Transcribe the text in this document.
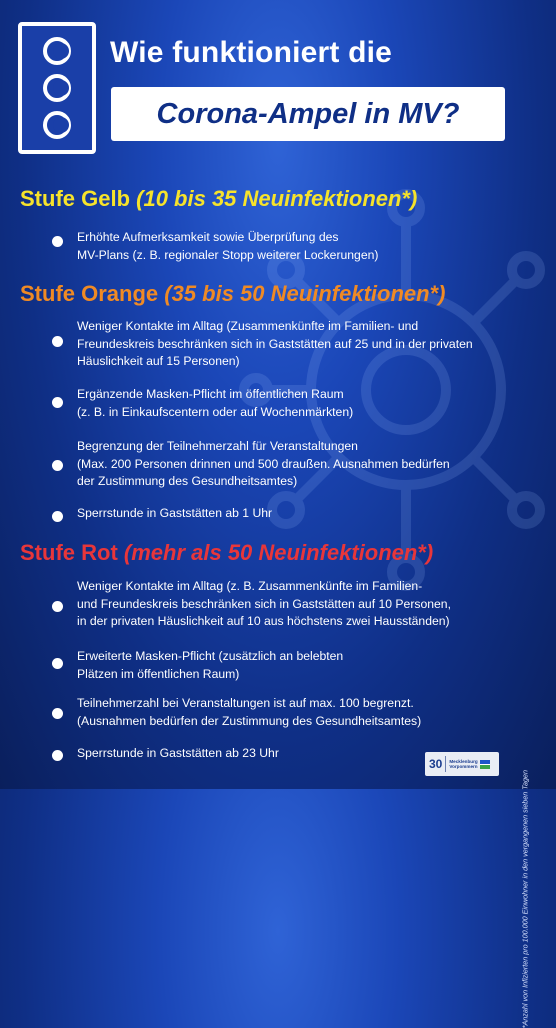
Wie funktioniert die
Corona-Ampel in MV?
Stufe Gelb (10 bis 35 Neuinfektionen*)
Erhöhte Aufmerksamkeit sowie Überprüfung des
MV-Plans (z. B. regionaler Stopp weiterer Lockerungen)
Stufe Orange (35 bis 50 Neuinfektionen*)
Weniger Kontakte im Alltag (Zusammenkünfte im Familien- und
Freundeskreis beschränken sich in Gaststätten auf 25 und in der privaten
Häuslichkeit auf 15 Personen)
Ergänzende Masken-Pflicht im öffentlichen Raum
(z. B. in Einkaufscentern oder auf Wochenmärkten)
Begrenzung der Teilnehmerzahl für Veranstaltungen
(Max. 200 Personen drinnen und 500 draußen. Ausnahmen bedürfen
der Zustimmung des Gesundheitsamtes)
Sperrstunde in Gaststätten ab 1 Uhr
Stufe Rot (mehr als 50 Neuinfektionen*)
Weniger Kontakte im Alltag (z. B. Zusammenkünfte im Familien-
und Freundeskreis beschränken sich in Gaststätten auf 10 Personen,
in der privaten Häuslichkeit auf 10 aus höchstens zwei Hausständen)
Erweiterte Masken-Pflicht (zusätzlich an belebten
Plätzen im öffentlichen Raum)
Teilnehmerzahl bei Veranstaltungen ist auf max. 100 begrenzt.
(Ausnahmen bedürfen der Zustimmung des Gesundheitsamtes)
Sperrstunde in Gaststätten ab 23 Uhr
*Anzahl von Infizierten pro 100.000 Einwohner in den vergangenen sieben Tagen
30 Mecklenburg
Vorpommern
